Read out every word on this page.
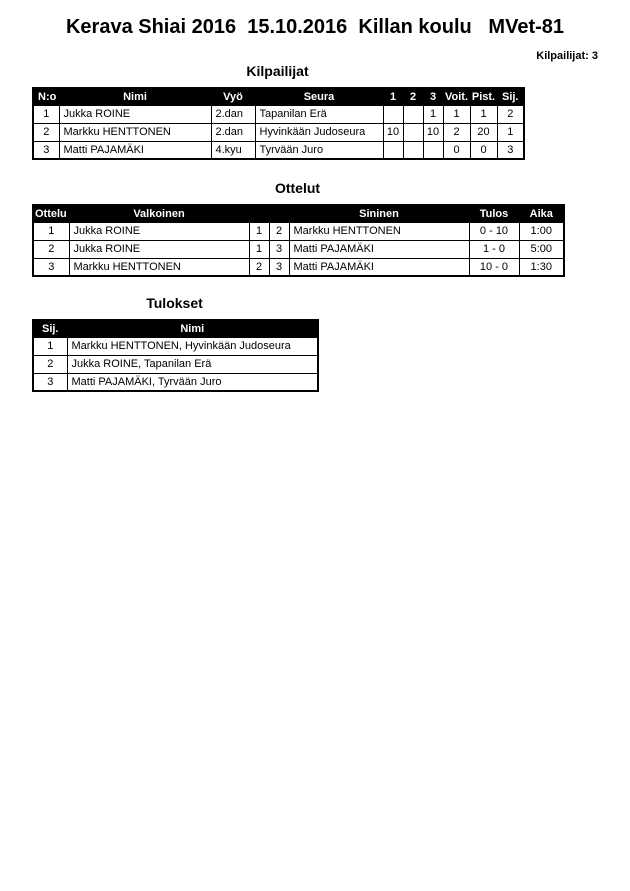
Kerava Shiai 2016  15.10.2016  Killan koulu   MVet-81
Kilpailijat: 3
Kilpailijat
N:o	Nimi	Vyö	Seura	1	2	3	Voit.	Pist.	Sij.
1	Jukka ROINE	2.dan	Tapanilan Erä			1	1	1	2
2	Markku HENTTONEN	2.dan	Hyvinkään Judoseura	10		10	2	20	1
3	Matti PAJAMÄKI	4.kyu	Tyrvään Juro				0	0	3
Ottelut
Ottelu	Valkoinen			Sininen	Tulos	Aika
1	Jukka ROINE	1	2	Markku HENTTONEN	0 - 10	1:00
2	Jukka ROINE	1	3	Matti PAJAMÄKI	1 - 0	5:00
3	Markku HENTTONEN	2	3	Matti PAJAMÄKI	10 - 0	1:30
Tulokset
Sij.	Nimi
1	Markku HENTTONEN, Hyvinkään Judoseura
2	Jukka ROINE, Tapanilan Erä
3	Matti PAJAMÄKI, Tyrvään Juro
